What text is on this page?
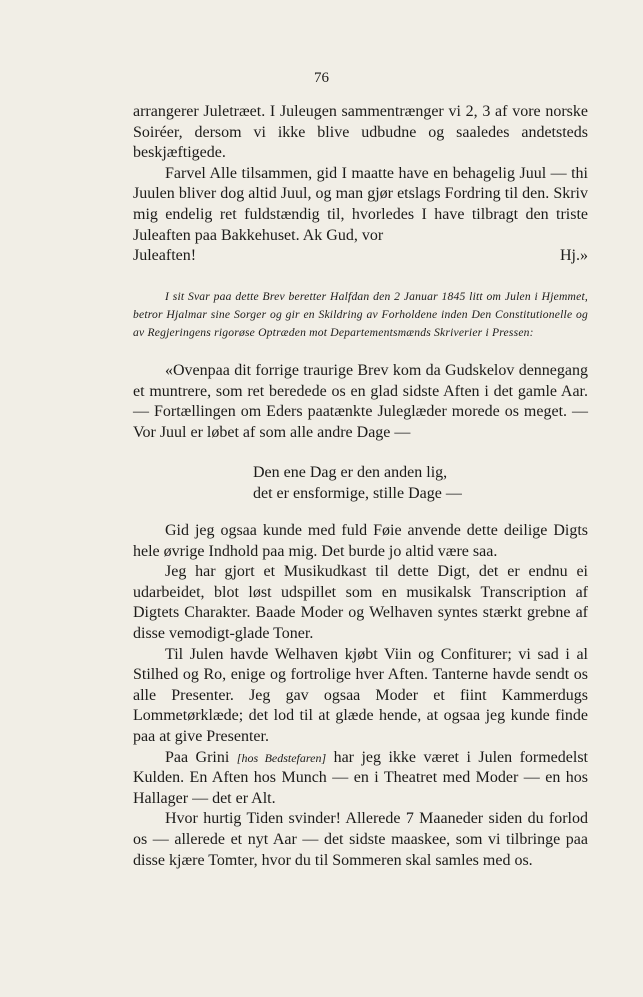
76

arrangerer Juletræet. I Juleugen sammentrænger vi 2, 3 af vore norske Soiréer, dersom vi ikke blive udbudne og saaledes andetsteds beskjæftigede.

Farvel Alle tilsammen, gid I maatte have en behagelig Juul — thi Juulen bliver dog altid Juul, og man gjør etslags Fordring til den. Skriv mig endelig ret fuldstændig til, hvorledes I have tilbragt den triste Juleaften paa Bakkehuset. Ak Gud, vor

Juleaften!	Hj.»
I sit Svar paa dette Brev beretter Halfdan den 2 Januar 1845 litt om Julen i Hjemmet, betror Hjalmar sine Sorger og gir en Skildring av Forholdene inden Den Constitutionelle og av Regjeringens rigorøse Optræden mot Departementsmænds Skriverier i Pressen:

«Ovenpaa dit forrige traurige Brev kom da Gudskelov dennegang et muntrere, som ret beredede os en glad sidste Aften i det gamle Aar. — Fortællingen om Eders paatænkte Juleglæder morede os meget. — Vor Juul er løbet af som alle andre Dage —

Den ene Dag er den anden lig,
det er ensformige, stille Dage —

Gid jeg ogsaa kunde med fuld Føie anvende dette deilige Digts hele øvrige Indhold paa mig. Det burde jo altid være saa.

Jeg har gjort et Musikudkast til dette Digt, det er endnu ei udarbeidet, blot løst udspillet som en musikalsk Transcription af Digtets Charakter. Baade Moder og Welhaven syntes stærkt grebne af disse vemodigt-glade Toner.

Til Julen havde Welhaven kjøbt Viin og Confiturer; vi sad i al Stilhed og Ro, enige og fortrolige hver Aften. Tanterne havde sendt os alle Presenter. Jeg gav ogsaa Moder et fiint Kammerdugs Lommetørklæde; det lod til at glæde hende, at ogsaa jeg kunde finde paa at give Presenter.

Paa Grini [hos Bedstefaren] har jeg ikke været i Julen formedelst Kulden. En Aften hos Munch — en i Theatret med Moder — en hos Hallager — det er Alt.

Hvor hurtig Tiden svinder! Allerede 7 Maaneder siden du forlod os — allerede et nyt Aar — det sidste maaskee, som vi tilbringe paa disse kjære Tomter, hvor du til Sommeren skal samles med os.
